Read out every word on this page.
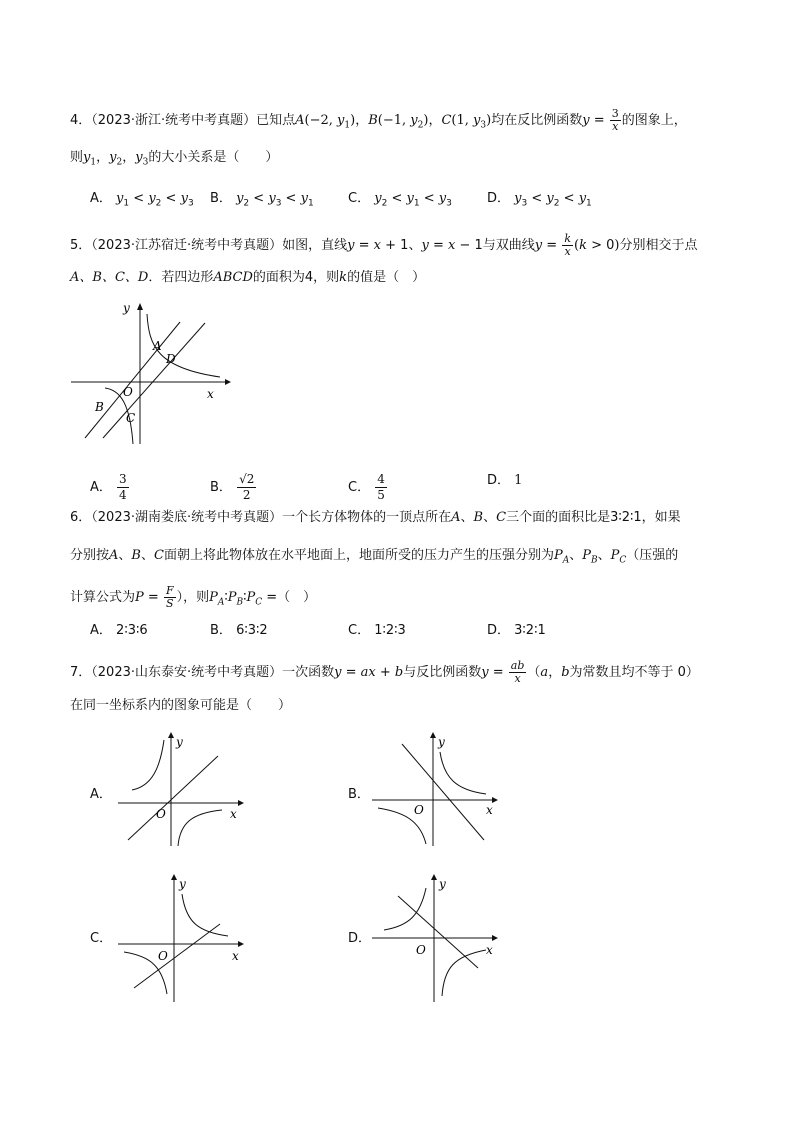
4．（2023·浙江·统考中考真题）已知点A(−2, $y_1$)，B(−1, $y_2$)，C(1, $y_3$)均在反比例函数$y = \frac{3}{x}$ 的图象上，
则$y_1$，$y_2$，$y_3$的大小关系是（　　）
A． $y_1 < y_2 < y_3$ B． $y_2 < y_3 < y_1$	C． $y_2 < y_1 < y_3$	D． $y_3 < y_2 < y_1$
5．（2023·江苏宿迁·统考中考真题）如图，直线y = x + 1、y = x − 1与双曲线$y = \frac{k}{x} (k > 0)$分别相交于点
A、B、C、D．若四边形ABCD的面积为4，则k的值是（　）
y
x
O
A
B
C
D
A． $\frac{3}{4}$	B． $\frac{√2}{2}$	C． $\frac{4}{5}$	D． 1
6．（2023·湖南娄底·统考中考真题）一个长方体物体的一顶点所在A、B、C三个面的面积比是3∶2∶1，如果
分别按A、B、C面朝上将此物体放在水平地面上，地面所受的压力产生的压强分别为$P_A$、$P_B$、$P_C$（压强的
计算公式为$P = \frac{F}{S}$ ），则$P_A∶P_B∶P_C$ =（　）
A． 2∶3∶6	B． 6∶3∶2	C． 1∶2∶3	D． 3∶2∶1
7．（2023·山东泰安·统考中考真题）一次函数y = ax + b与反比例函数$y = \frac{ab}{x} (a$，b为常数且均不等于 0）
在同一坐标系内的图象可能是（　　）
A．
y
x
O
B．
y
x
O
C．
y
x
O
D．
y
x
O
